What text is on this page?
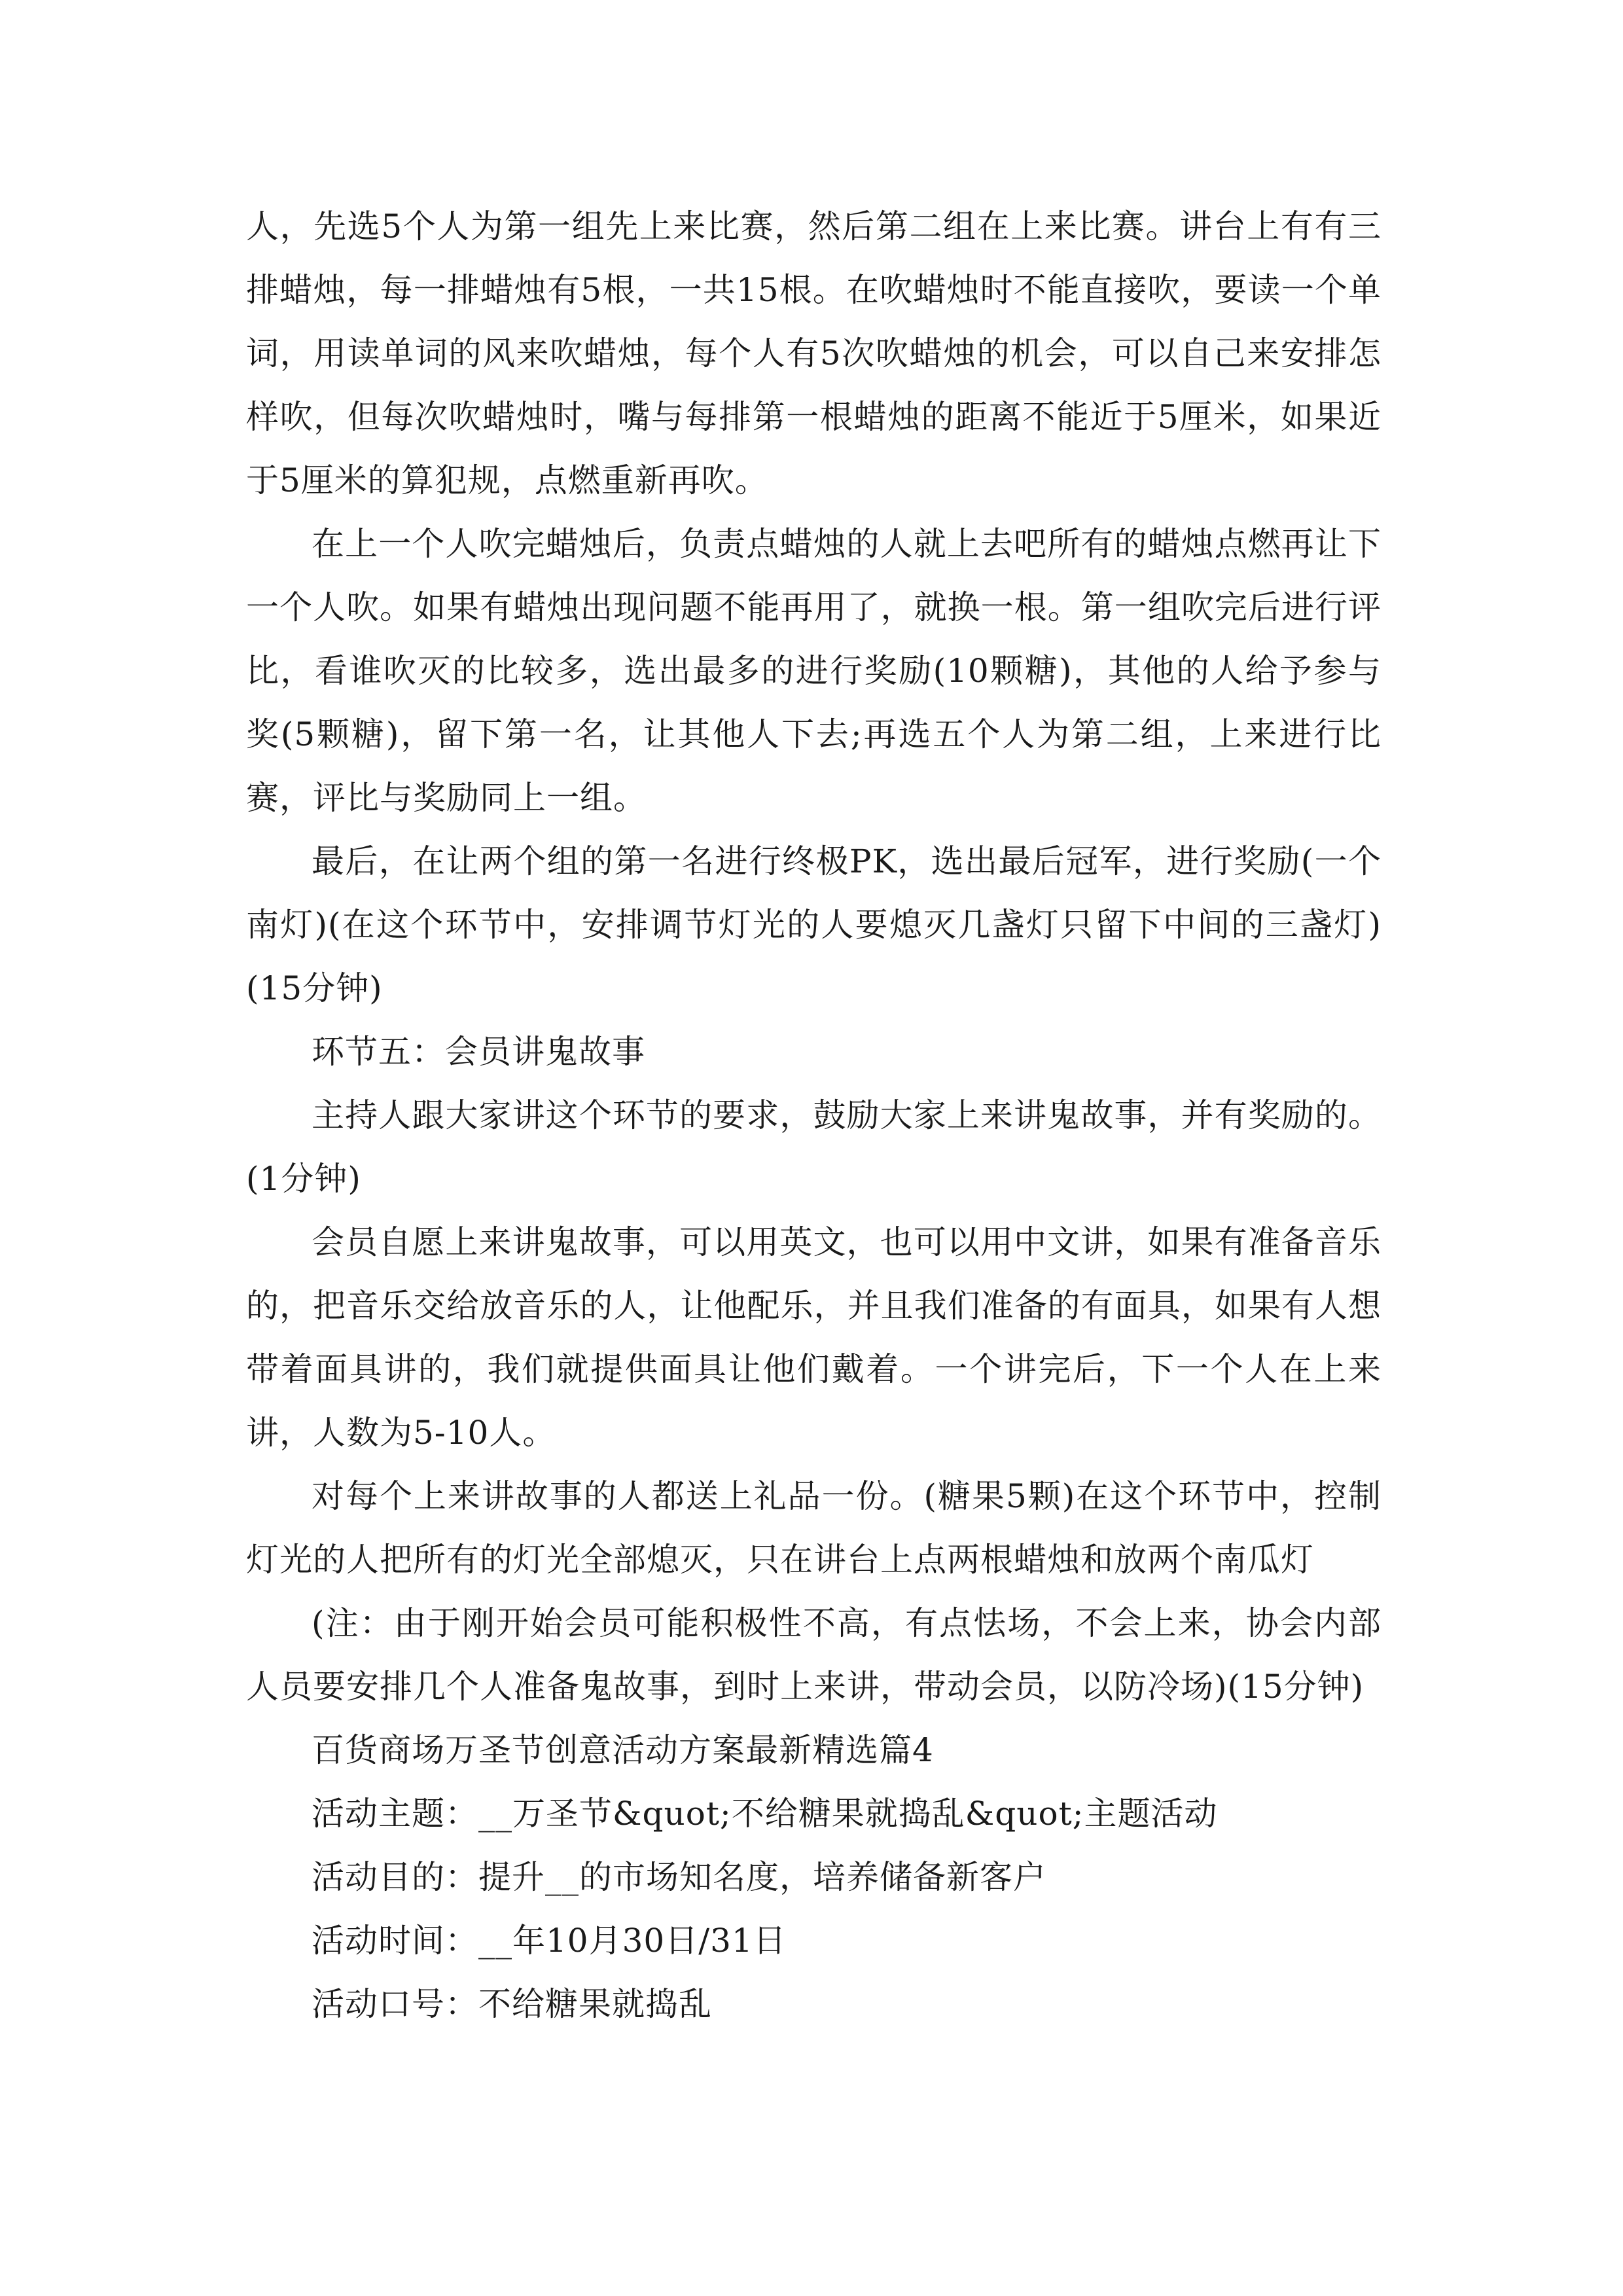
人，先选5个人为第一组先上来比赛，然后第二组在上来比赛。讲台上有有三排蜡烛，每一排蜡烛有5根，一共15根。在吹蜡烛时不能直接吹，要读一个单词，用读单词的风来吹蜡烛，每个人有5次吹蜡烛的机会，可以自己来安排怎样吹，但每次吹蜡烛时，嘴与每排第一根蜡烛的距离不能近于5厘米，如果近于5厘米的算犯规，点燃重新再吹。

在上一个人吹完蜡烛后，负责点蜡烛的人就上去吧所有的蜡烛点燃再让下一个人吹。如果有蜡烛出现问题不能再用了，就换一根。第一组吹完后进行评比，看谁吹灭的比较多，选出最多的进行奖励(10颗糖)，其他的人给予参与奖(5颗糖)，留下第一名，让其他人下去;再选五个人为第二组，上来进行比赛，评比与奖励同上一组。

最后，在让两个组的第一名进行终极PK，选出最后冠军，进行奖励(一个南灯)(在这个环节中，安排调节灯光的人要熄灭几盏灯只留下中间的三盏灯)(15分钟)

环节五：会员讲鬼故事

主持人跟大家讲这个环节的要求，鼓励大家上来讲鬼故事，并有奖励的。(1分钟)

会员自愿上来讲鬼故事，可以用英文，也可以用中文讲，如果有准备音乐的，把音乐交给放音乐的人，让他配乐，并且我们准备的有面具，如果有人想带着面具讲的，我们就提供面具让他们戴着。一个讲完后，下一个人在上来讲，人数为5-10人。

对每个上来讲故事的人都送上礼品一份。(糖果5颗)在这个环节中，控制灯光的人把所有的灯光全部熄灭，只在讲台上点两根蜡烛和放两个南瓜灯

(注：由于刚开始会员可能积极性不高，有点怯场，不会上来，协会内部人员要安排几个人准备鬼故事，到时上来讲，带动会员，以防冷场)(15分钟)

百货商场万圣节创意活动方案最新精选篇4

活动主题：__万圣节&quot;不给糖果就捣乱&quot;主题活动

活动目的：提升__的市场知名度，培养储备新客户

活动时间：__年10月30日/31日

活动口号：不给糖果就捣乱
